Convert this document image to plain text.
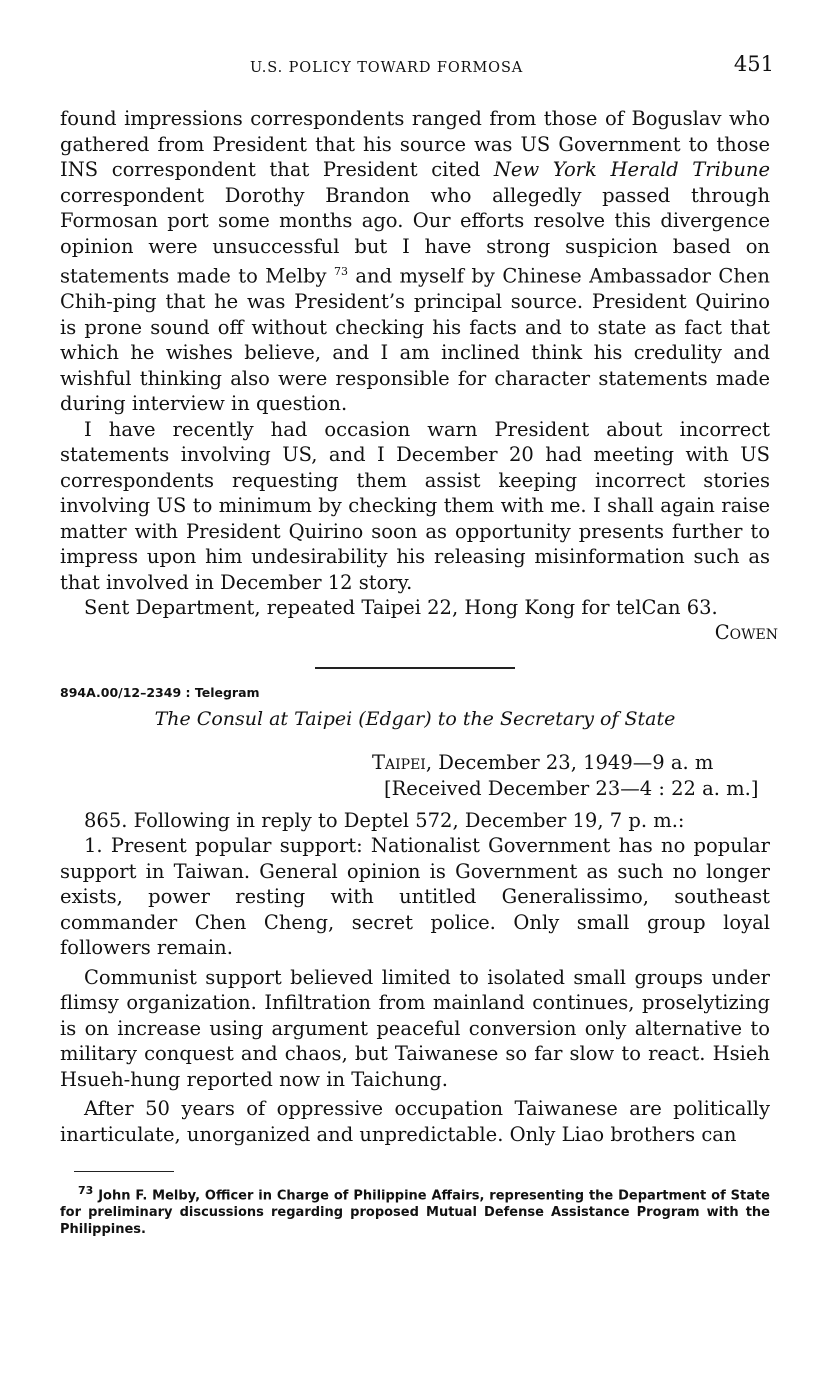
U.S. POLICY TOWARD FORMOSA	451

found impressions correspondents ranged from those of Boguslav who gathered from President that his source was US Government to those INS correspondent that President cited New York Herald Tribune correspondent Dorothy Brandon who allegedly passed through Formosan port some months ago. Our efforts resolve this divergence opinion were unsuccessful but I have strong suspicion based on statements made to Melby $^{73}$ and myself by Chinese Ambassador Chen Chih-ping that he was President’s principal source. President Quirino is prone sound off without checking his facts and to state as fact that which he wishes believe, and I am inclined think his credulity and wishful thinking also were responsible for character statements made during interview in question.

I have recently had occasion warn President about incorrect statements involving US, and I December 20 had meeting with US correspondents requesting them assist keeping incorrect stories involving US to minimum by checking them with me. I shall again raise matter with President Quirino soon as opportunity presents further to impress upon him undesirability his releasing misinformation such as that involved in December 12 story.

Sent Department, repeated Taipei 22, Hong Kong for telCan 63.

Cowen

894A.00/12–2349 : Telegram

The Consul at Taipei (Edgar) to the Secretary of State

Taipei, December 23, 1949—9 a. m
[Received December 23—4 : 22 a. m.]

865. Following in reply to Deptel 572, December 19, 7 p. m.:

1. Present popular support: Nationalist Government has no popular support in Taiwan. General opinion is Government as such no longer exists, power resting with untitled Generalissimo, southeast commander Chen Cheng, secret police. Only small group loyal followers remain.

Communist support believed limited to isolated small groups under flimsy organization. Infiltration from mainland continues, proselytizing is on increase using argument peaceful conversion only alternative to military conquest and chaos, but Taiwanese so far slow to react. Hsieh Hsueh-hung reported now in Taichung.

After 50 years of oppressive occupation Taiwanese are politically inarticulate, unorganized and unpredictable. Only Liao brothers can

$^{73}$ John F. Melby, Officer in Charge of Philippine Affairs, representing the Department of State for preliminary discussions regarding proposed Mutual Defense Assistance Program with the Philippines.
